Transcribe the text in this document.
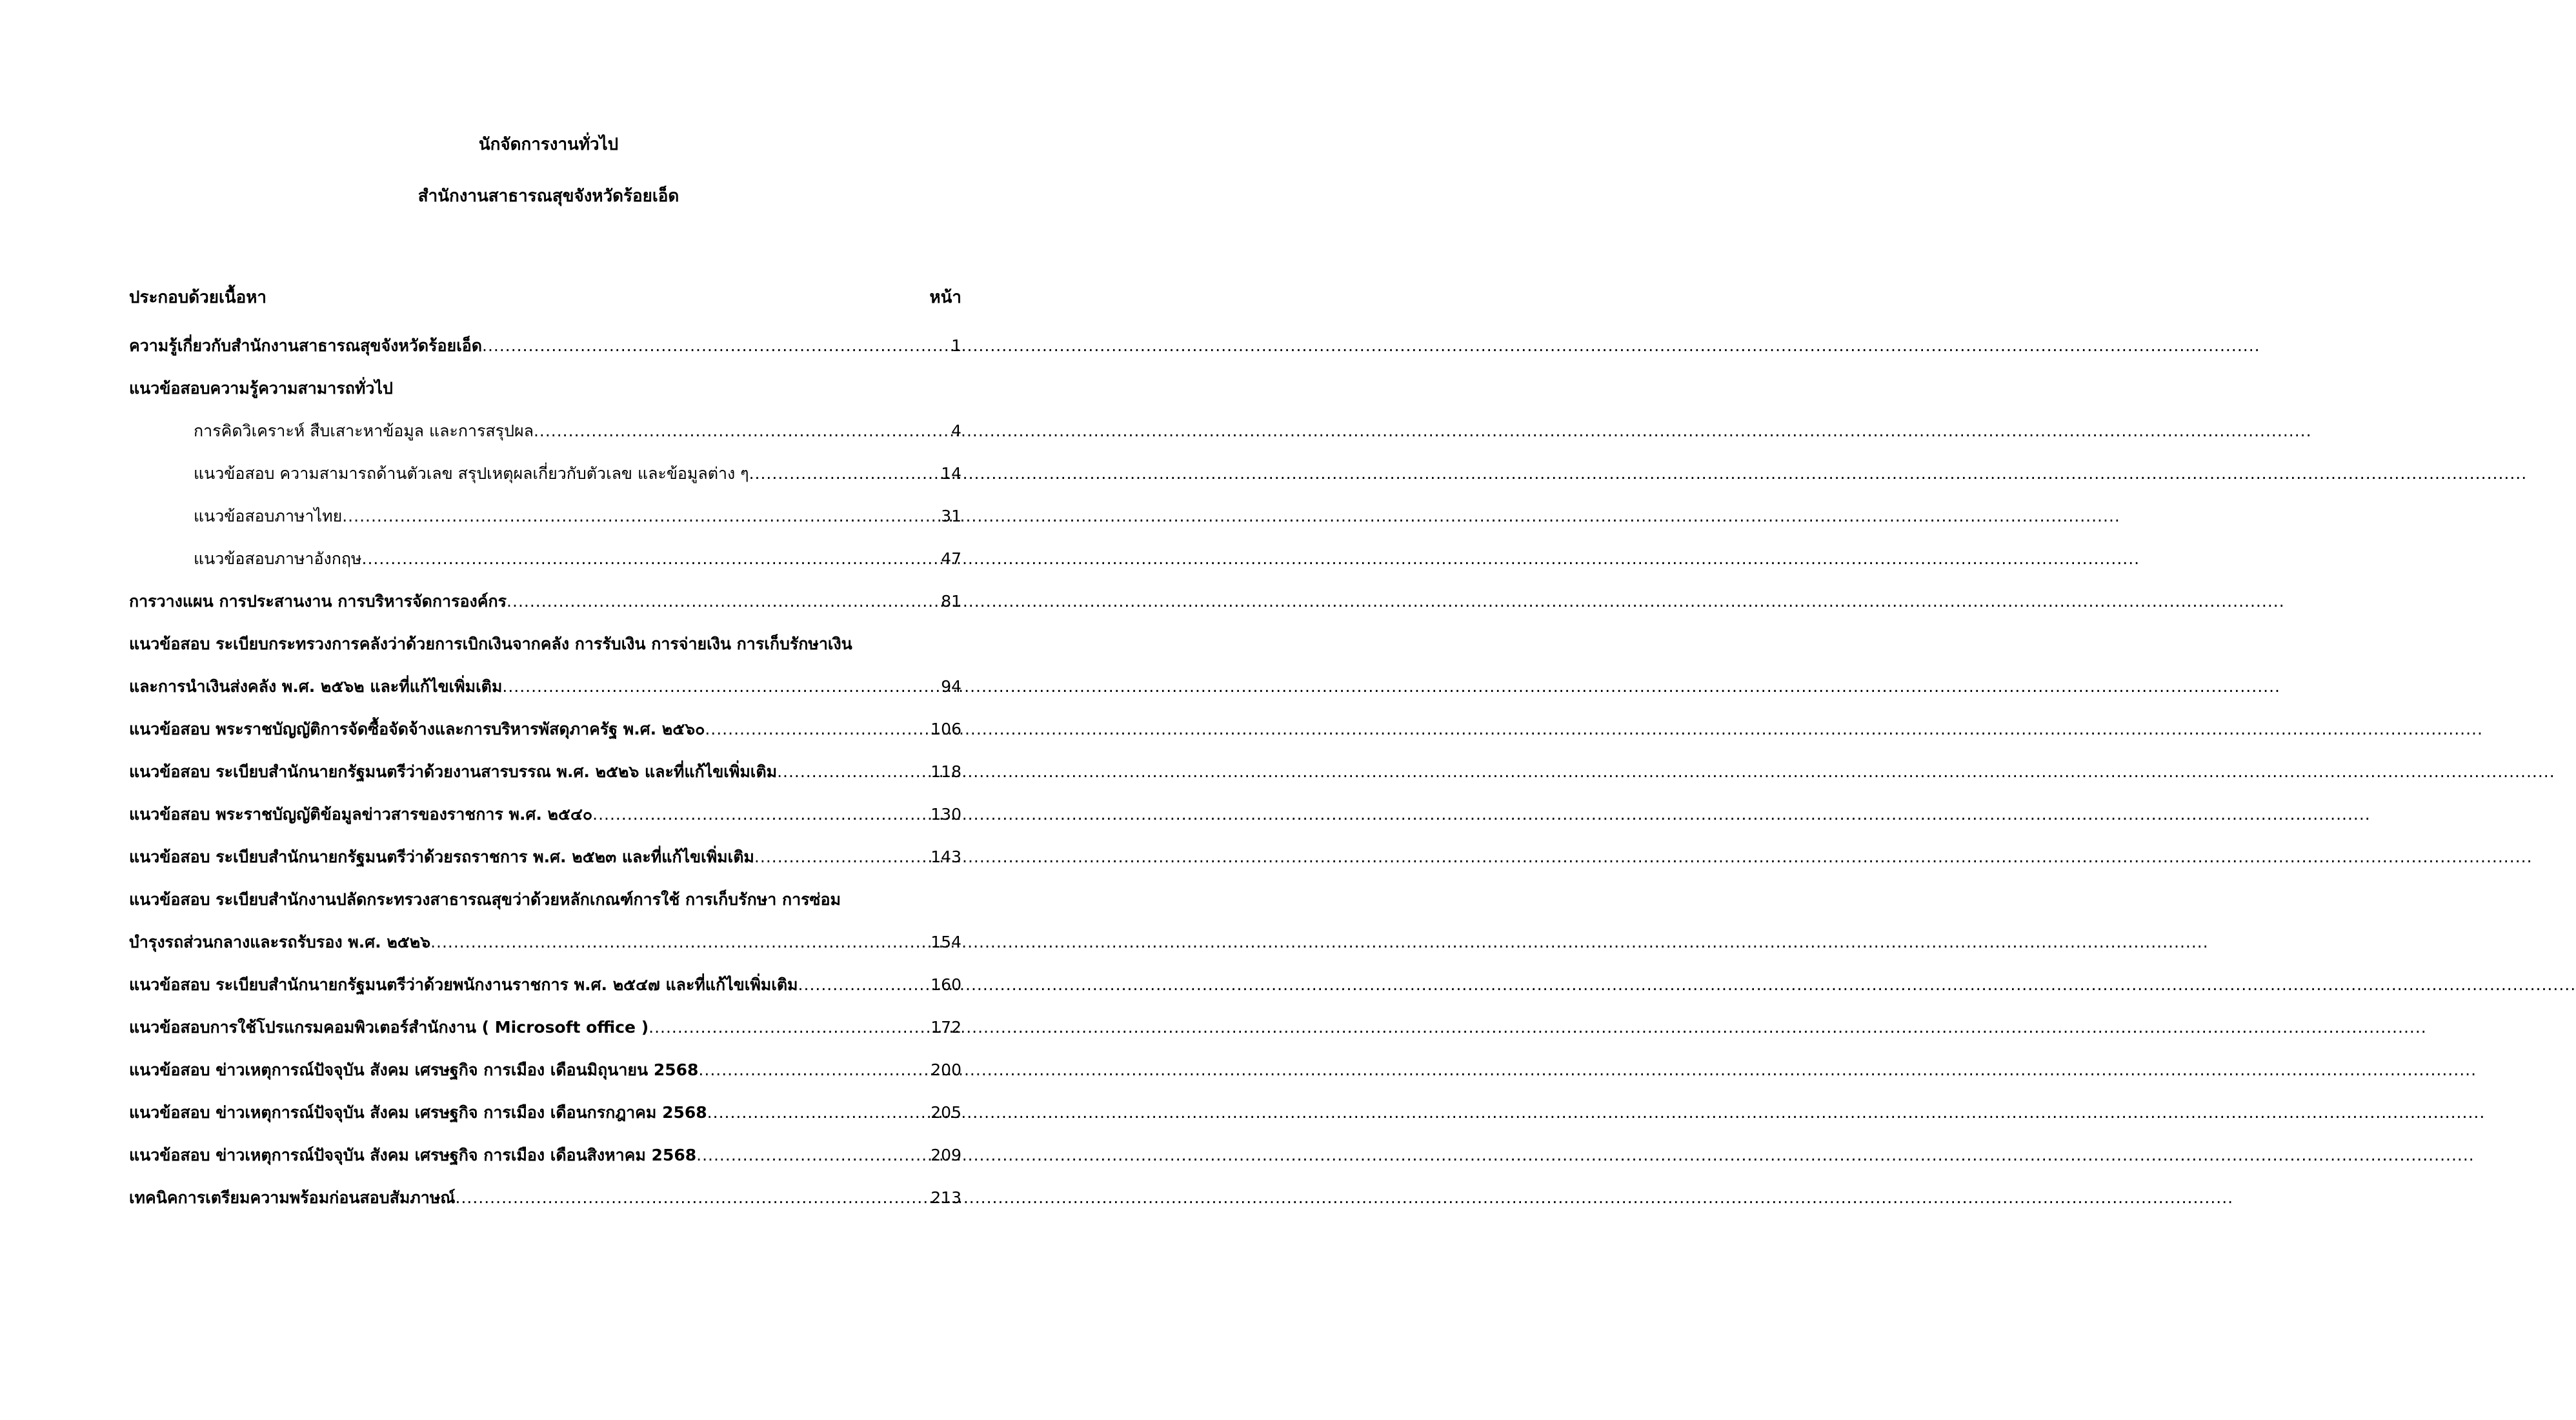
นักจัดการงานทั่วไป
สำนักงานสาธารณสุขจังหวัดร้อยเอ็ด
ประกอบด้วยเนื้อหา	หน้า
ความรู้เกี่ยวกับสำนักงานสาธารณสุขจังหวัดร้อยเอ็ด .....	1
แนวข้อสอบความรู้ความสามารถทั่วไป
การคิดวิเคราะห์ สืบเสาะหาข้อมูล และการสรุปผล .....	4
แนวข้อสอบ ความสามารถด้านตัวเลข สรุปเหตุผลเกี่ยวกับตัวเลข และข้อมูลต่าง ๆ .....	14
แนวข้อสอบภาษาไทย .....	31
แนวข้อสอบภาษาอังกฤษ .....	47
การวางแผน การประสานงาน การบริหารจัดการองค์กร .....	81
แนวข้อสอบ ระเบียบกระทรวงการคลังว่าด้วยการเบิกเงินจากคลัง การรับเงิน การจ่ายเงิน การเก็บรักษาเงิน
และการนำเงินส่งคลัง พ.ศ. ๒๕๖๒ และที่แก้ไขเพิ่มเติม .....	94
แนวข้อสอบ พระราชบัญญัติการจัดซื้อจัดจ้างและการบริหารพัสดุภาครัฐ พ.ศ. ๒๕๖๐ .....	106
แนวข้อสอบ ระเบียบสำนักนายกรัฐมนตรีว่าด้วยงานสารบรรณ พ.ศ. ๒๕๒๖ และที่แก้ไขเพิ่มเติม .....	118
แนวข้อสอบ พระราชบัญญัติข้อมูลข่าวสารของราชการ พ.ศ. ๒๕๔๐ .....	130
แนวข้อสอบ ระเบียบสำนักนายกรัฐมนตรีว่าด้วยรถราชการ พ.ศ. ๒๕๒๓ และที่แก้ไขเพิ่มเติม .....	143
แนวข้อสอบ ระเบียบสำนักงานปลัดกระทรวงสาธารณสุขว่าด้วยหลักเกณฑ์การใช้ การเก็บรักษา การซ่อม
บำรุงรถส่วนกลางและรถรับรอง พ.ศ. ๒๕๒๖ .....	154
แนวข้อสอบ ระเบียบสำนักนายกรัฐมนตรีว่าด้วยพนักงานราชการ พ.ศ. ๒๕๔๗ และที่แก้ไขเพิ่มเติม .....	160
แนวข้อสอบการใช้โปรแกรมคอมพิวเตอร์สำนักงาน ( Microsoft office ) .....	172
แนวข้อสอบ ข่าวเหตุการณ์ปัจจุบัน สังคม เศรษฐกิจ การเมือง เดือนมิถุนายน 2568 .....	200
แนวข้อสอบ ข่าวเหตุการณ์ปัจจุบัน สังคม เศรษฐกิจ การเมือง เดือนกรกฎาคม 2568 .....	205
แนวข้อสอบ ข่าวเหตุการณ์ปัจจุบัน สังคม เศรษฐกิจ การเมือง เดือนสิงหาคม 2568 .....	209
เทคนิคการเตรียมความพร้อมก่อนสอบสัมภาษณ์ .....	213
